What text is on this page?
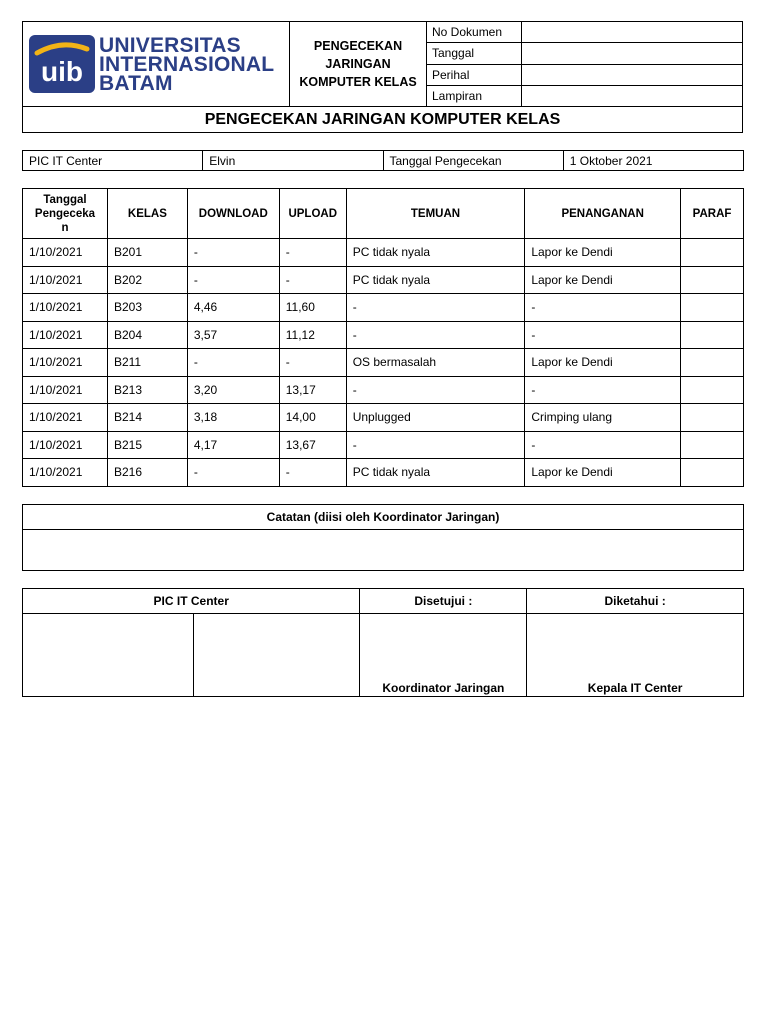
uib
UNIVERSITAS
INTERNASIONAL
BATAM	PENGECEKAN JARINGAN KOMPUTER KELAS	No Dokumen	
		Tanggal	
		Perihal	
		Lampiran	
PENGECEKAN JARINGAN KOMPUTER KELAS			
PIC IT Center	Elvin	Tanggal Pengecekan	1 Oktober 2021
Tanggal Pengeceka n	KELAS	DOWNLOAD	UPLOAD	TEMUAN	PENANGANAN	PARAF
1/10/2021	B201	-	-	PC tidak nyala	Lapor ke Dendi	
1/10/2021	B202	-	-	PC tidak nyala	Lapor ke Dendi	
1/10/2021	B203	4,46	11,60	-	-	
1/10/2021	B204	3,57	11,12	-	-	
1/10/2021	B211	-	-	OS bermasalah	Lapor ke Dendi	
1/10/2021	B213	3,20	13,17	-	-	
1/10/2021	B214	3,18	14,00	Unplugged	Crimping ulang	
1/10/2021	B215	4,17	13,67	-	-	
1/10/2021	B216	-	-	PC tidak nyala	Lapor ke Dendi	
Catatan (diisi oleh Koordinator Jaringan)

PIC IT Center		Disetujui :	Diketahui :
		Koordinator Jaringan	Kepala IT Center
